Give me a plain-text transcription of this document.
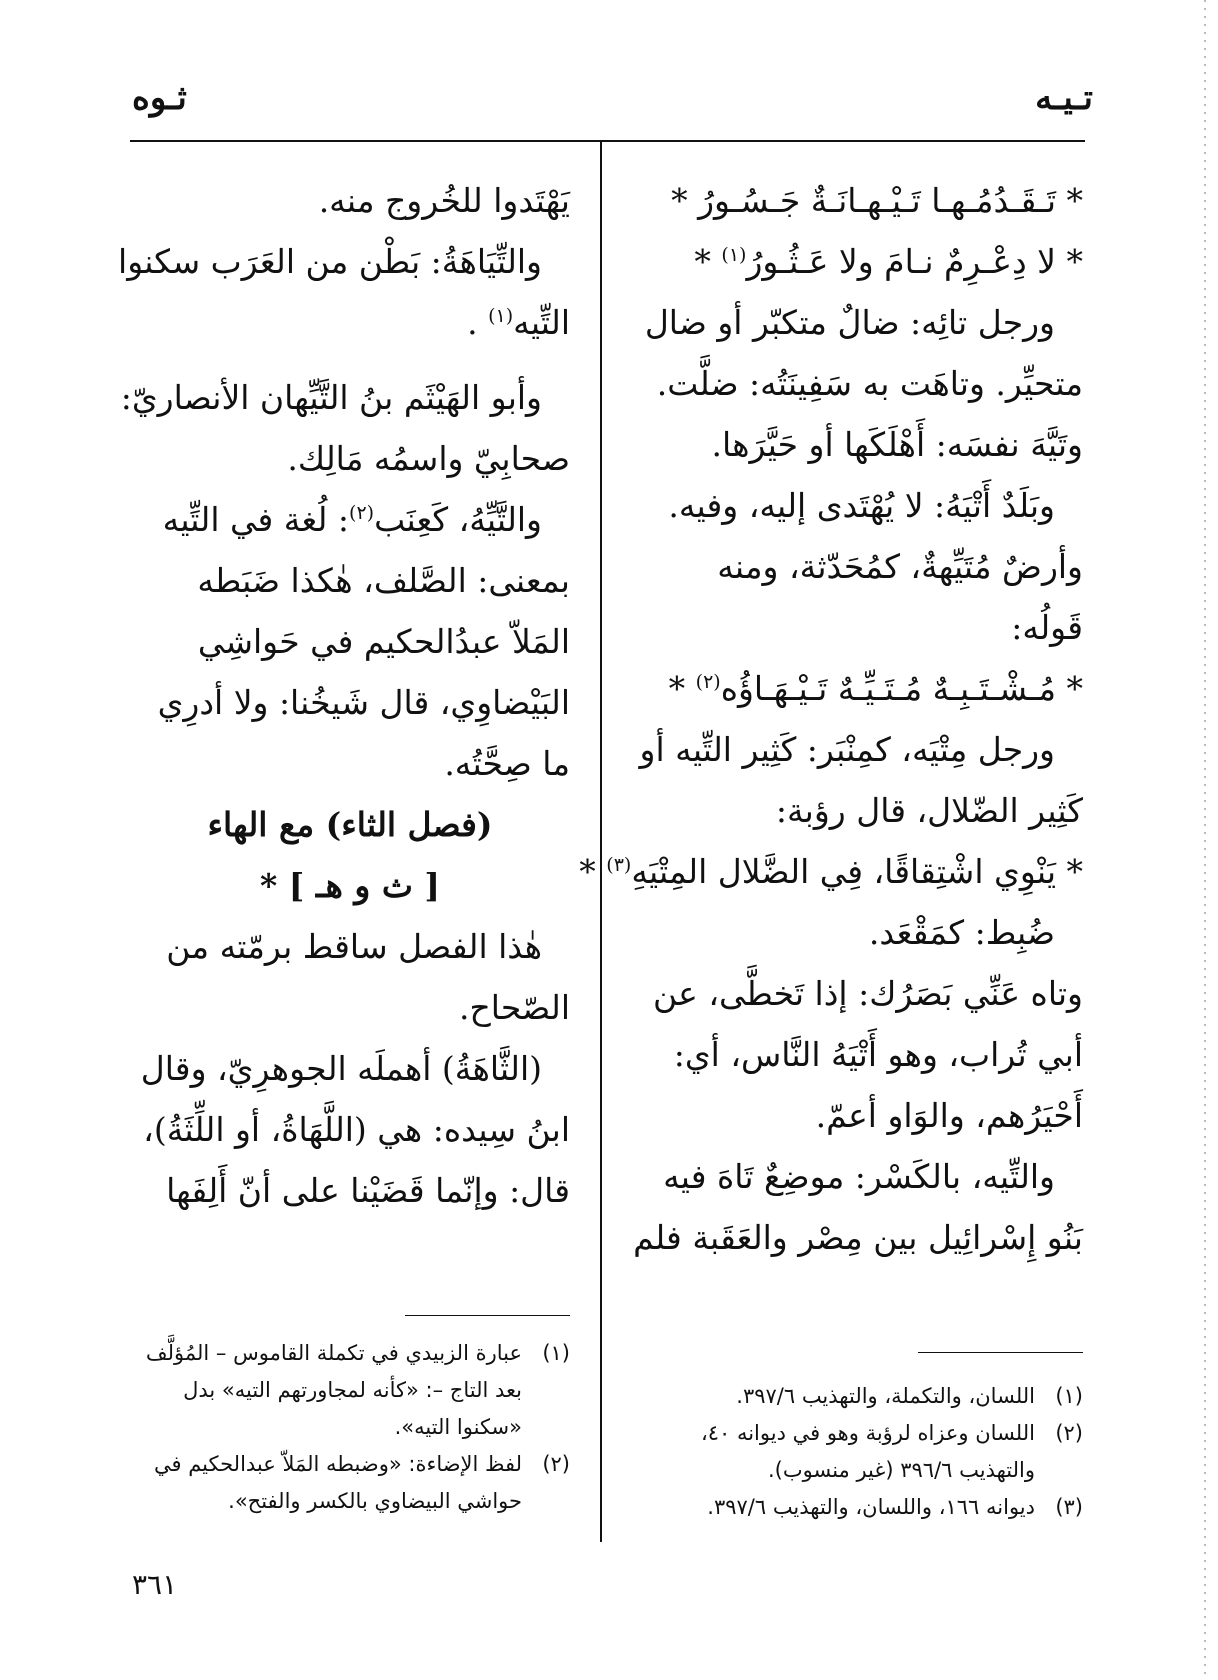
تـيـه
ثـوه
* تَـقَـدُمُـهـا تَـيْـهـانَـةٌ جَـسُـورُ *
* لا دِعْـرِمٌ نـامَ ولا عَـثُـورُ$^{(١)}$ *
ورجل تائِه: ضالٌ متكبّر أو ضال
متحيِّر. وتاهَت به سَفِينَتُه: ضلَّت.
وتَيَّهَ نفسَه: أَهْلَكَها أو حَيَّرَها.
وبَلَدٌ أَتْيَهُ: لا يُهْتَدى إليه، وفيه.
وأرضٌ مُتَيِّهةٌ، كمُحَدّثة، ومنه
قَولُه:
* مُـشْـتَـبِـهٌ مُـتَـيِّـهٌ تَـيْـهَـاؤُه$^{(٢)}$ *
ورجل مِتْيَه، كمِنْبَر: كَثِير التِّيه أو
كَثِير الضّلال، قال رؤبة:
* يَنْوِي اشْتِقاقًا، فِي الضَّلال المِتْيَهِ$^{(٣)}$ *
ضُبِط: كمَقْعَد.
وتاه عَنِّي بَصَرُك: إذا تَخطَّى، عن
أبي تُراب، وهو أَتْيَهُ النَّاس، أي:
أَحْيَرُهم، والوَاو أعمّ.
والتِّيه، بالكَسْر: موضِعٌ تَاهَ فيه
بَنُو إِسْرائِيل بين مِصْر والعَقَبة فلم
يَهْتَدوا للخُروج منه.
والتِّيَاهَةُ: بَطْن من العَرَب سكنوا
التِّيه$^{(١)}$ .
وأبو الهَيْثَم بنُ التَّيِّهان الأنصاريّ:
صحابِيّ واسمُه مَالِك.
والتَّيِّهُ، كَعِنَب$^{(٢)}$: لُغة في التِّيه
بمعنى: الصَّلف، هٰكذا ضَبَطه
المَلاّ عبدُالحكيم في حَواشِي
البَيْضاوِي، قال شَيخُنا: ولا أدرِي
ما صِحَّتُه.
(فصل الثاء) مع الهاء
[ ث و هـ ] *
هٰذا الفصل ساقط برمّته من
الصّحاح.
(الثَّاهَةُ) أهملَه الجوهرِيّ، وقال
ابنُ سِيده: هي (اللَّهَاةُ، أو اللِّثَةُ)،
قال: وإنّما قَضَيْنا على أنّ أَلِفَها
(١)
اللسان، والتكملة، والتهذيب ٣٩٧/٦.
(٢)
اللسان وعزاه لرؤبة وهو في ديوانه ٤٠، والتهذيب ٣٩٦/٦ (غير منسوب).
(٣)
ديوانه ١٦٦، واللسان، والتهذيب ٣٩٧/٦.
(١)
عبارة الزبيدي في تكملة القاموس – المُؤلَّف بعد التاج –: «كأنه لمجاورتهم التيه» بدل «سكنوا التيه».
(٢)
لفظ الإضاءة: «وضبطه المَلاّ عبدالحكيم في حواشي البيضاوي بالكسر والفتح».
٣٦١
